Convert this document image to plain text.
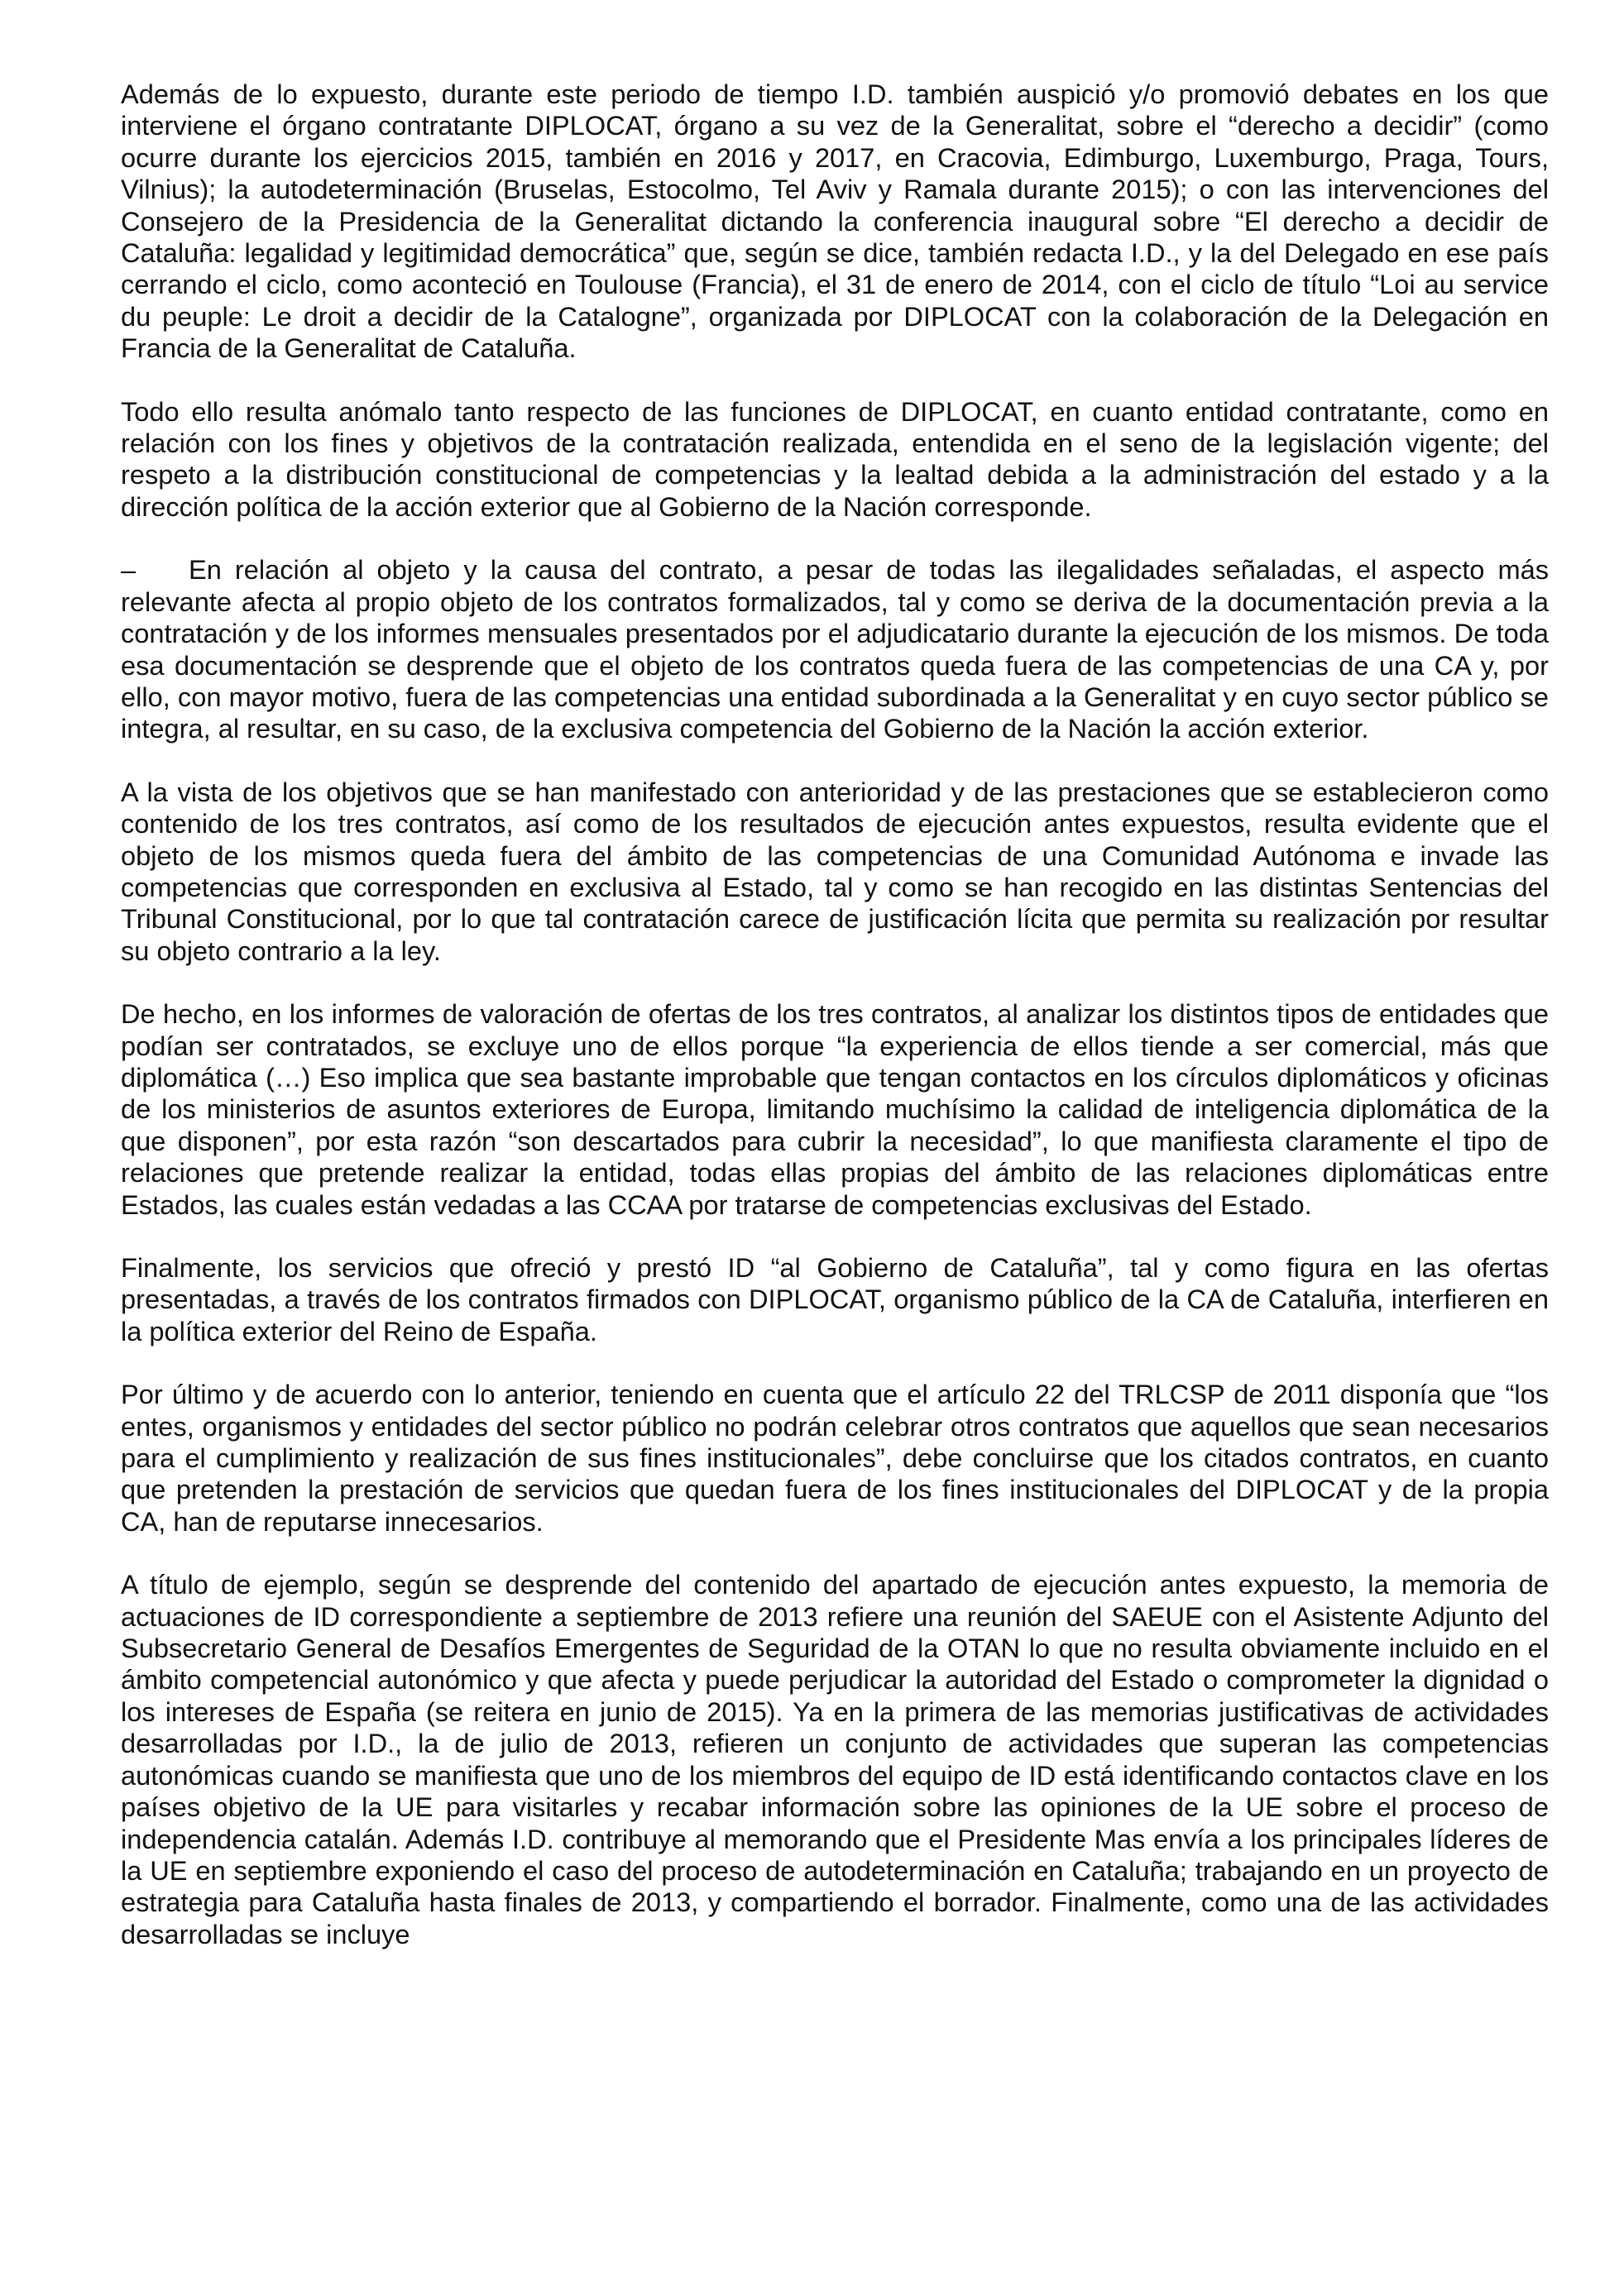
Además de lo expuesto, durante este periodo de tiempo I.D. también auspició y/o promovió debates en los que interviene el órgano contratante DIPLOCAT, órgano a su vez de la Generalitat, sobre el “derecho a decidir” (como ocurre durante los ejercicios 2015, también en 2016 y 2017, en Cracovia, Edimburgo, Luxemburgo, Praga, Tours, Vilnius); la autodeterminación (Bruselas, Estocolmo, Tel Aviv y Ramala durante 2015); o con las intervenciones del Consejero de la Presidencia de la Generalitat dictando la conferencia inaugural sobre “El derecho a decidir de Cataluña: legalidad y legitimidad democrática” que, según se dice, también redacta I.D., y la del Delegado en ese país cerrando el ciclo, como aconteció en Toulouse (Francia), el 31 de enero de 2014, con el ciclo de título “Loi au service du peuple: Le droit a decidir de la Catalogne”, organizada por DIPLOCAT con la colaboración de la Delegación en Francia de la Generalitat de Cataluña.

Todo ello resulta anómalo tanto respecto de las funciones de DIPLOCAT, en cuanto entidad contratante, como en relación con los fines y objetivos de la contratación realizada, entendida en el seno de la legislación vigente; del respeto a la distribución constitucional de competencias y la lealtad debida a la administración del estado y a la dirección política de la acción exterior que al Gobierno de la Nación corresponde.

– En relación al objeto y la causa del contrato, a pesar de todas las ilegalidades señaladas, el aspecto más relevante afecta al propio objeto de los contratos formalizados, tal y como se deriva de la documentación previa a la contratación y de los informes mensuales presentados por el adjudicatario durante la ejecución de los mismos. De toda esa documentación se desprende que el objeto de los contratos queda fuera de las competencias de una CA y, por ello, con mayor motivo, fuera de las competencias una entidad subordinada a la Generalitat y en cuyo sector público se integra, al resultar, en su caso, de la exclusiva competencia del Gobierno de la Nación la acción exterior.

A la vista de los objetivos que se han manifestado con anterioridad y de las prestaciones que se establecieron como contenido de los tres contratos, así como de los resultados de ejecución antes expuestos, resulta evidente que el objeto de los mismos queda fuera del ámbito de las competencias de una Comunidad Autónoma e invade las competencias que corresponden en exclusiva al Estado, tal y como se han recogido en las distintas Sentencias del Tribunal Constitucional, por lo que tal contratación carece de justificación lícita que permita su realización por resultar su objeto contrario a la ley.

De hecho, en los informes de valoración de ofertas de los tres contratos, al analizar los distintos tipos de entidades que podían ser contratados, se excluye uno de ellos porque “la experiencia de ellos tiende a ser comercial, más que diplomática (…) Eso implica que sea bastante improbable que tengan contactos en los círculos diplomáticos y oficinas de los ministerios de asuntos exteriores de Europa, limitando muchísimo la calidad de inteligencia diplomática de la que disponen”, por esta razón “son descartados para cubrir la necesidad”, lo que manifiesta claramente el tipo de relaciones que pretende realizar la entidad, todas ellas propias del ámbito de las relaciones diplomáticas entre Estados, las cuales están vedadas a las CCAA por tratarse de competencias exclusivas del Estado.

Finalmente, los servicios que ofreció y prestó ID “al Gobierno de Cataluña”, tal y como figura en las ofertas presentadas, a través de los contratos firmados con DIPLOCAT, organismo público de la CA de Cataluña, interfieren en la política exterior del Reino de España.

Por último y de acuerdo con lo anterior, teniendo en cuenta que el artículo 22 del TRLCSP de 2011 disponía que “los entes, organismos y entidades del sector público no podrán celebrar otros contratos que aquellos que sean necesarios para el cumplimiento y realización de sus fines institucionales”, debe concluirse que los citados contratos, en cuanto que pretenden la prestación de servicios que quedan fuera de los fines institucionales del DIPLOCAT y de la propia CA, han de reputarse innecesarios.

A título de ejemplo, según se desprende del contenido del apartado de ejecución antes expuesto, la memoria de actuaciones de ID correspondiente a septiembre de 2013 refiere una reunión del SAEUE con el Asistente Adjunto del Subsecretario General de Desafíos Emergentes de Seguridad de la OTAN lo que no resulta obviamente incluido en el ámbito competencial autonómico y que afecta y puede perjudicar la autoridad del Estado o comprometer la dignidad o los intereses de España (se reitera en junio de 2015). Ya en la primera de las memorias justificativas de actividades desarrolladas por I.D., la de julio de 2013, refieren un conjunto de actividades que superan las competencias autonómicas cuando se manifiesta que uno de los miembros del equipo de ID está identificando contactos clave en los países objetivo de la UE para visitarles y recabar información sobre las opiniones de la UE sobre el proceso de independencia catalán. Además I.D. contribuye al memorando que el Presidente Mas envía a los principales líderes de la UE en septiembre exponiendo el caso del proceso de autodeterminación en Cataluña; trabajando en un proyecto de estrategia para Cataluña hasta finales de 2013, y compartiendo el borrador. Finalmente, como una de las actividades desarrolladas se incluye
